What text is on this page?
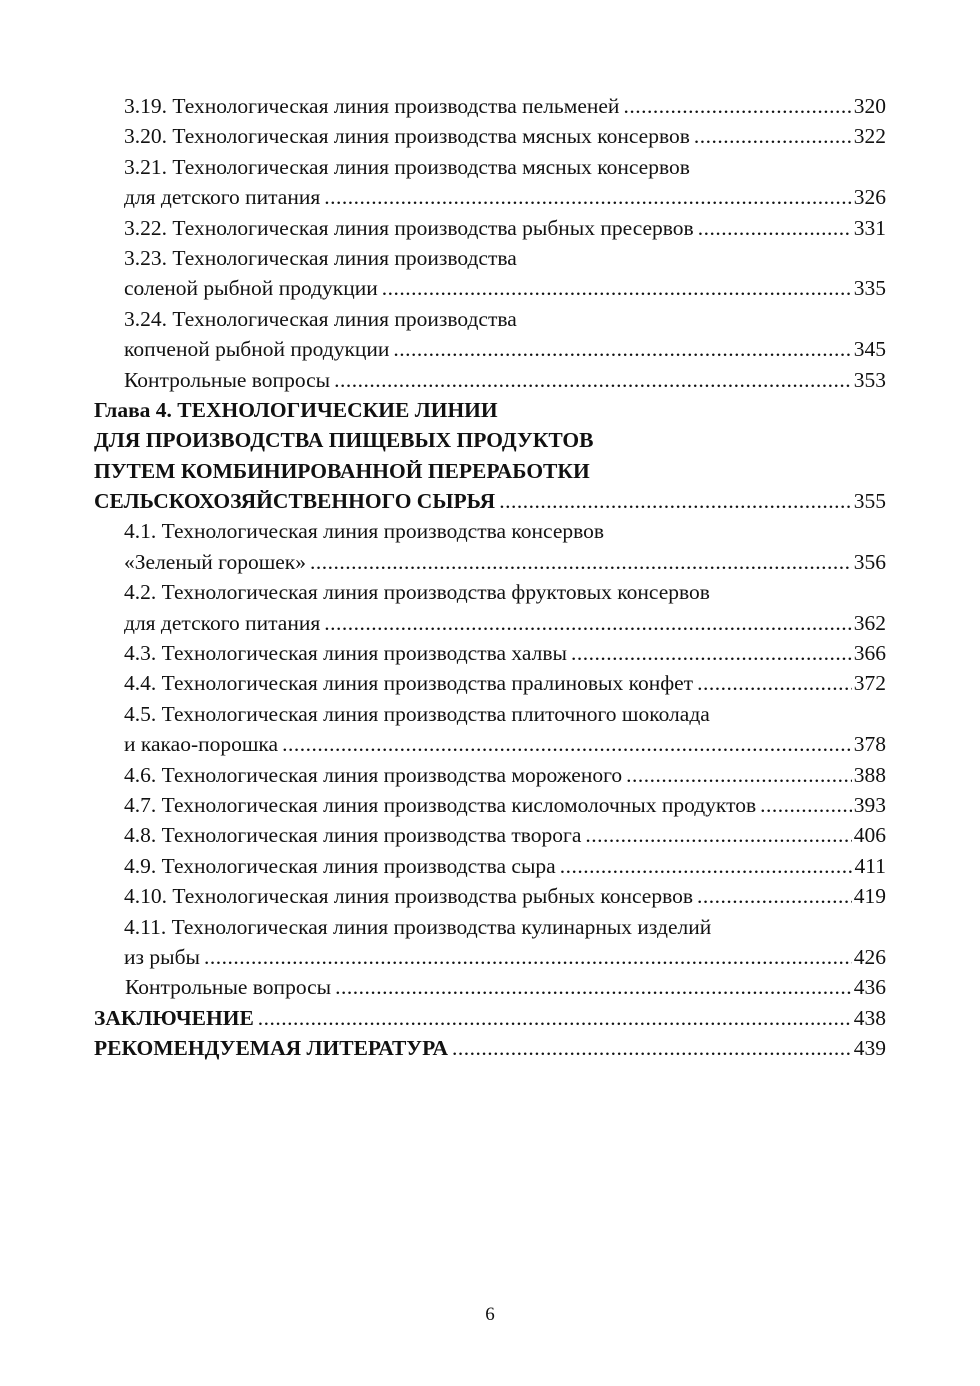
3.19. Технологическая линия производства пельменей .....	320
3.20. Технологическая линия производства мясных консервов .....	322
3.21. Технологическая линия производства мясных консервов
для детского питания .....	326
3.22. Технологическая линия производства рыбных пресервов .....	331
3.23. Технологическая линия производства
соленой рыбной продукции .....	335
3.24. Технологическая линия производства
копченой рыбной продукции .....	345
Контрольные вопросы .....	353
Глава 4. ТЕХНОЛОГИЧЕСКИЕ ЛИНИИ
ДЛЯ ПРОИЗВОДСТВА ПИЩЕВЫХ ПРОДУКТОВ
ПУТЕМ КОМБИНИРОВАННОЙ ПЕРЕРАБОТКИ
СЕЛЬСКОХОЗЯЙСТВЕННОГО СЫРЬЯ .....	355
4.1. Технологическая линия производства консервов
«Зеленый горошек» .....	356
4.2. Технологическая линия производства фруктовых консервов
для детского питания .....	362
4.3. Технологическая линия производства халвы .....	366
4.4. Технологическая линия производства пралиновых конфет .....	372
4.5. Технологическая линия производства плиточного шоколада
и какао-порошка .....	378
4.6. Технологическая линия производства мороженого .....	388
4.7. Технологическая линия производства кисломолочных продуктов .....	393
4.8. Технологическая линия производства творога .....	406
4.9. Технологическая линия производства сыра .....	411
4.10. Технологическая линия производства рыбных консервов .....	419
4.11. Технологическая линия производства кулинарных изделий
из рыбы .....	426
Контрольные вопросы .....	436
ЗАКЛЮЧЕНИЕ .....	438
РЕКОМЕНДУЕМАЯ ЛИТЕРАТУРА .....	439
6
